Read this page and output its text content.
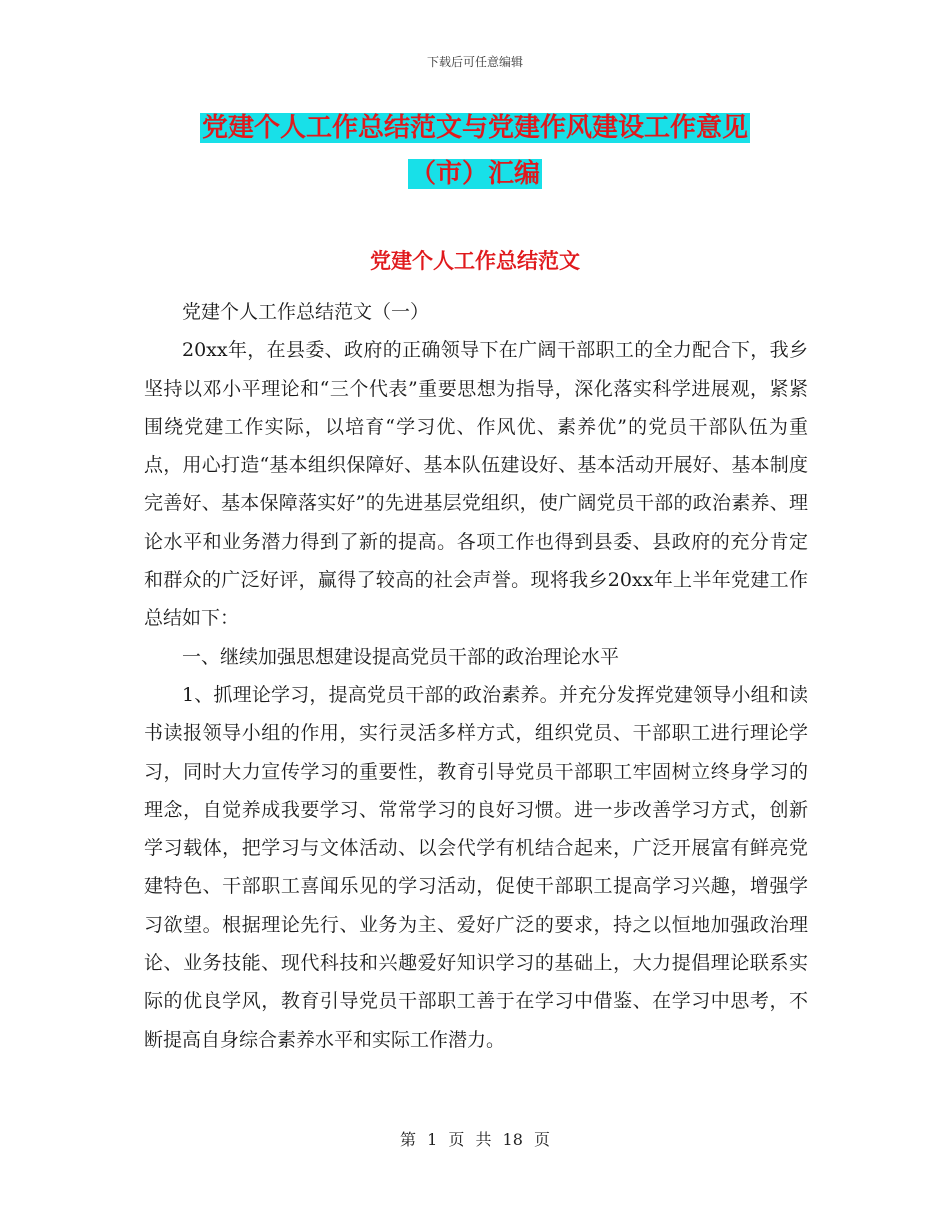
下载后可任意编辑
党建个人工作总结范文与党建作风建设工作意见
（市）汇编
党建个人工作总结范文

党建个人工作总结范文（一）

20xx年，在县委、政府的正确领导下在广阔干部职工的全力配合下，我乡坚持以邓小平理论和“三个代表”重要思想为指导，深化落实科学进展观，紧紧围绕党建工作实际，以培育“学习优、作风优、素养优”的党员干部队伍为重点，用心打造“基本组织保障好、基本队伍建设好、基本活动开展好、基本制度完善好、基本保障落实好”的先进基层党组织，使广阔党员干部的政治素养、理论水平和业务潜力得到了新的提高。各项工作也得到县委、县政府的充分肯定和群众的广泛好评，赢得了较高的社会声誉。现将我乡20xx年上半年党建工作总结如下：

一、继续加强思想建设提高党员干部的政治理论水平

1、抓理论学习，提高党员干部的政治素养。并充分发挥党建领导小组和读书读报领导小组的作用，实行灵活多样方式，组织党员、干部职工进行理论学习，同时大力宣传学习的重要性，教育引导党员干部职工牢固树立终身学习的理念，自觉养成我要学习、常常学习的良好习惯。进一步改善学习方式，创新学习载体，把学习与文体活动、以会代学有机结合起来，广泛开展富有鲜亮党建特色、干部职工喜闻乐见的学习活动，促使干部职工提高学习兴趣，增强学习欲望。根据理论先行、业务为主、爱好广泛的要求，持之以恒地加强政治理论、业务技能、现代科技和兴趣爱好知识学习的基础上，大力提倡理论联系实际的优良学风，教育引导党员干部职工善于在学习中借鉴、在学习中思考，不断提高自身综合素养水平和实际工作潜力。

第 1 页 共 18 页
